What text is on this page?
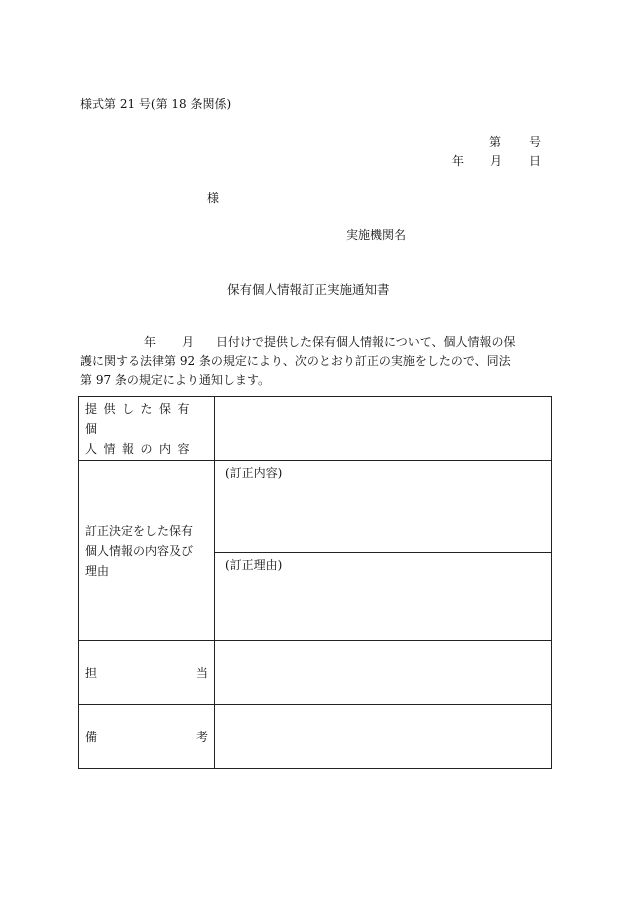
様式第 21 号(第 18 条関係)
第 号
年 月 日
様
実施機関名
保有個人情報訂正実施通知書
年 月 日付けで提供した保有個人情報について、個人情報の保
護に関する法律第 92 条の規定により、次のとおり訂正の実施をしたので、同法
第 97 条の規定により通知します。
提供した保有個
人情報の内容	

訂正決定をした保有
個人情報の内容及び
理由	(訂正内容)

	(訂正理由)

担 当	

備 考	
